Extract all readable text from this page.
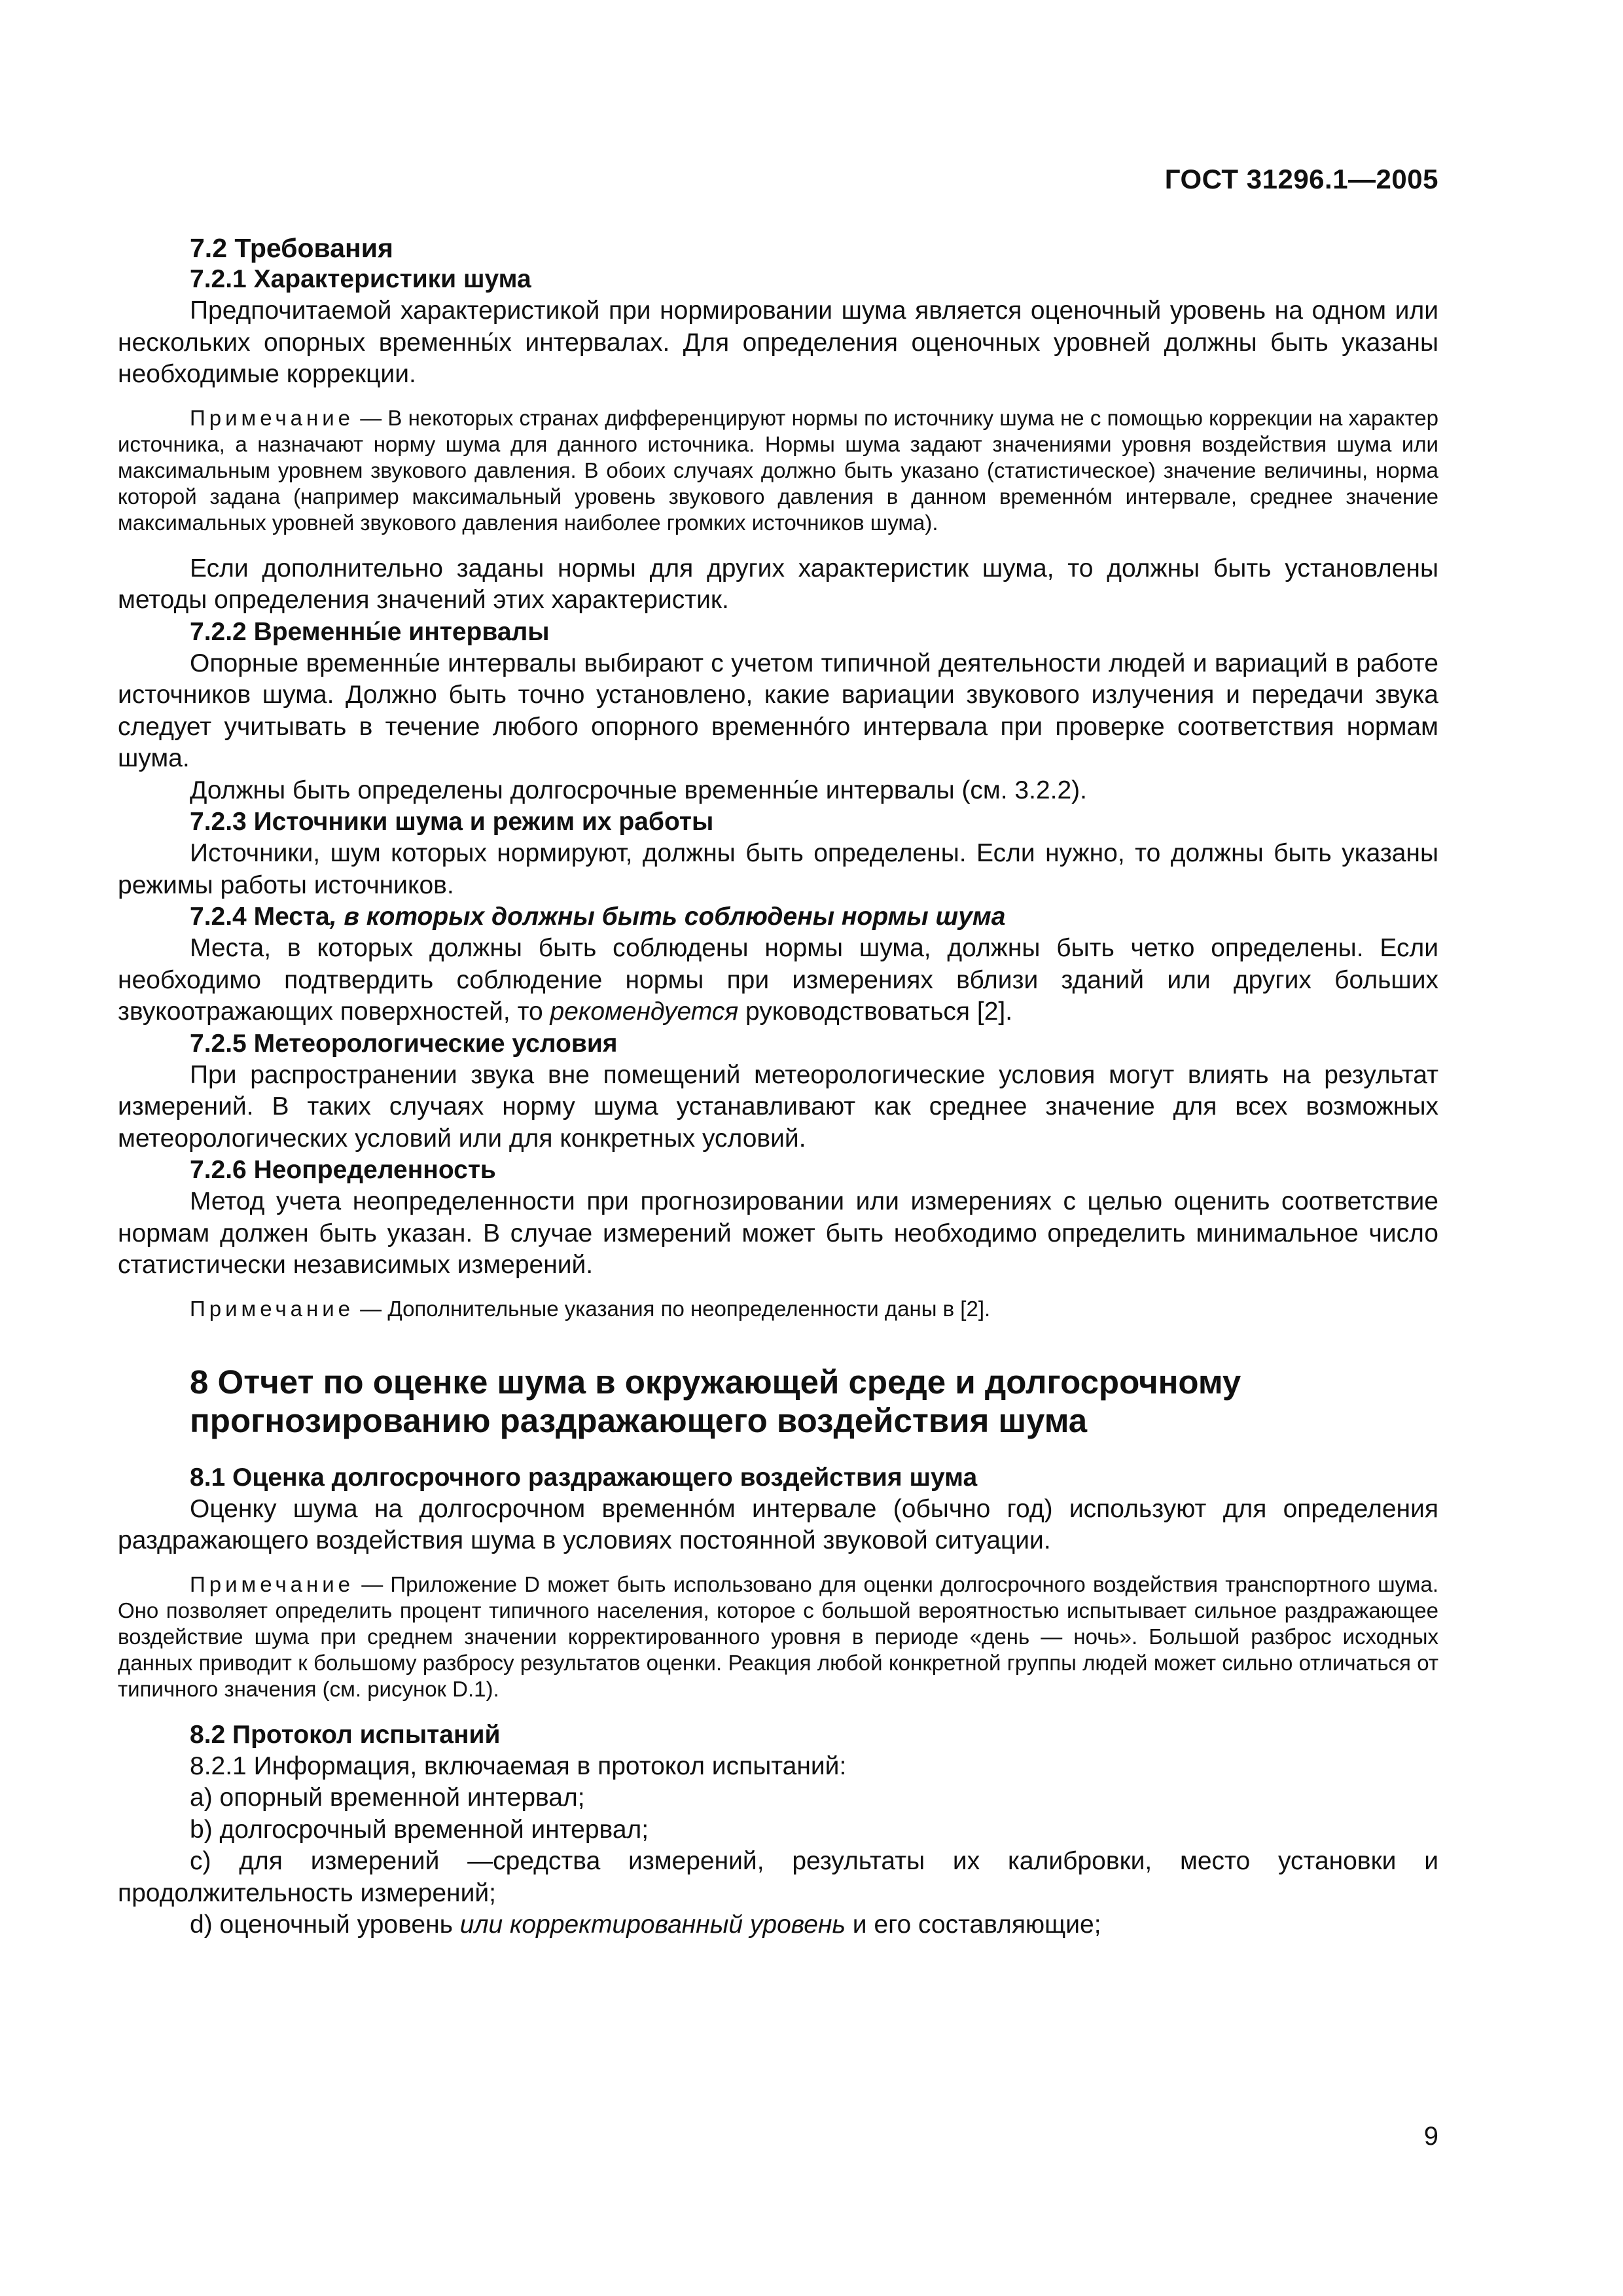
ГОСТ 31296.1—2005
7.2 Требования
7.2.1 Характеристики шума

Предпочитаемой характеристикой при нормировании шума является оценочный уровень на одном или нескольких опорных временны́х интервалах. Для определения оценочных уровней должны быть указаны необходимые коррекции.

Примечание — В некоторых странах дифференцируют нормы по источнику шума не с помощью коррекции на характер источника, а назначают норму шума для данного источника. Нормы шума задают значениями уровня воздействия шума или максимальным уровнем звукового давления. В обоих случаях должно быть указано (статистическое) значение величины, норма которой задана (например максимальный уровень звукового давления в данном временно́м интервале, среднее значение максимальных уровней звукового давления наиболее громких источников шума).

Если дополнительно заданы нормы для других характеристик шума, то должны быть установлены методы определения значений этих характеристик.

7.2.2 Временны́е интервалы

Опорные временны́е интервалы выбирают с учетом типичной деятельности людей и вариаций в работе источников шума. Должно быть точно установлено, какие вариации звукового излучения и передачи звука следует учитывать в течение любого опорного временно́го интервала при проверке соответствия нормам шума.

Должны быть определены долгосрочные временны́е интервалы (см. 3.2.2).

7.2.3 Источники шума и режим их работы

Источники, шум которых нормируют, должны быть определены. Если нужно, то должны быть указаны режимы работы источников.

7.2.4 Места, в которых должны быть соблюдены нормы шума

Места, в которых должны быть соблюдены нормы шума, должны быть четко определены. Если необходимо подтвердить соблюдение нормы при измерениях вблизи зданий или других больших звукоотражающих поверхностей, то рекомендуется руководствоваться [2].

7.2.5 Метеорологические условия

При распространении звука вне помещений метеорологические условия могут влиять на результат измерений. В таких случаях норму шума устанавливают как среднее значение для всех возможных метеорологических условий или для конкретных условий.

7.2.6 Неопределенность

Метод учета неопределенности при прогнозировании или измерениях с целью оценить соответствие нормам должен быть указан. В случае измерений может быть необходимо определить минимальное число статистически независимых измерений.

Примечание — Дополнительные указания по неопределенности даны в [2].

8 Отчет по оценке шума в окружающей среде и долгосрочному
прогнозированию раздражающего воздействия шума
8.1 Оценка долгосрочного раздражающего воздействия шума

Оценку шума на долгосрочном временно́м интервале (обычно год) используют для определения раздражающего воздействия шума в условиях постоянной звуковой ситуации.

Примечание — Приложение D может быть использовано для оценки долгосрочного воздействия транспортного шума. Оно позволяет определить процент типичного населения, которое с большой вероятностью испытывает сильное раздражающее воздействие шума при среднем значении корректированного уровня в периоде «день — ночь». Большой разброс исходных данных приводит к большому разбросу результатов оценки. Реакция любой конкретной группы людей может сильно отличаться от типичного значения (см. рисунок D.1).

8.2 Протокол испытаний

8.2.1 Информация, включаемая в протокол испытаний:

a) опорный временной интервал;

b) долгосрочный временной интервал;

c) для измерений —средства измерений, результаты их калибровки, место установки и продолжительность измерений;

d) оценочный уровень или корректированный уровень и его составляющие;

9
